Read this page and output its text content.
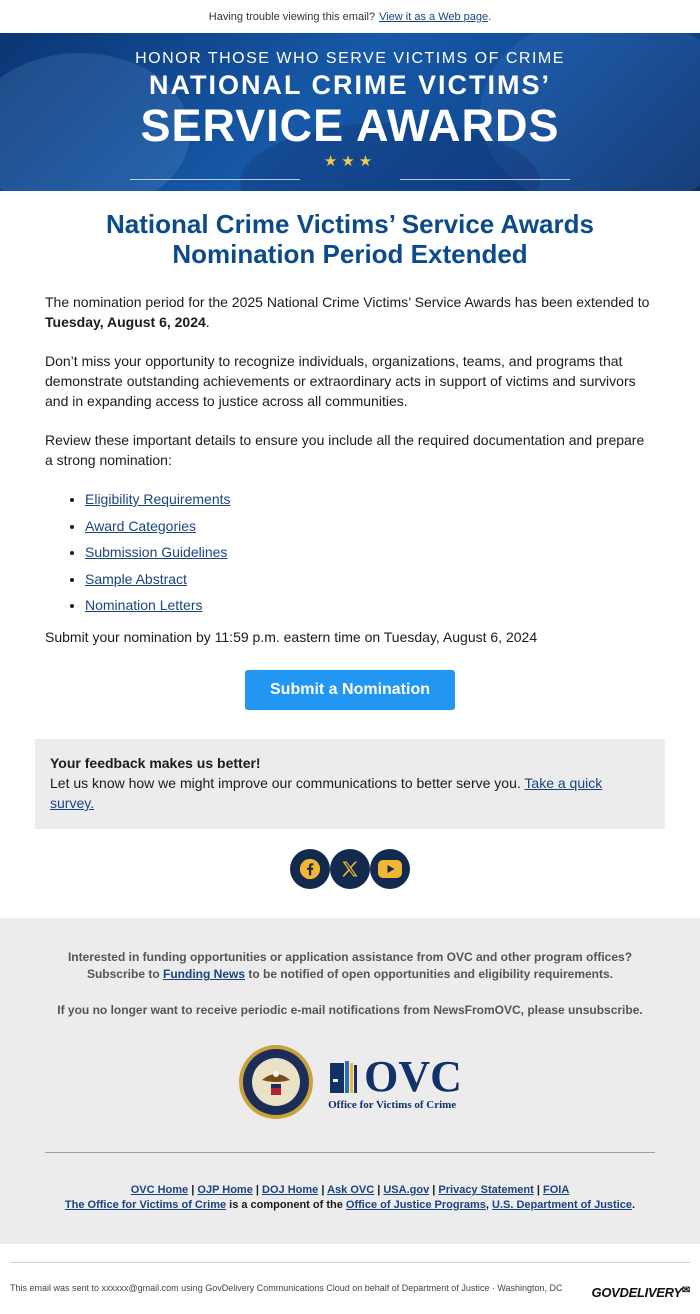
Having trouble viewing this email? View it as a Web page .
HONOR THOSE WHO SERVE VICTIMS OF CRIME
NATIONAL CRIME VICTIMS’
SERVICE AWARDS
★★★
National Crime Victims’ Service Awards
Nomination Period Extended

The nomination period for the 2025 National Crime Victims’ Service Awards has been extended to Tuesday, August 6, 2024.

Don’t miss your opportunity to recognize individuals, organizations, teams, and programs that demonstrate outstanding achievements or extraordinary acts in support of victims and survivors and in expanding access to justice across all communities.

Review these important details to ensure you include all the required documentation and prepare a strong nomination:

• Eligibility Requirements
• Award Categories
• Submission Guidelines
• Sample Abstract
• Nomination Letters

Submit your nomination by 11:59 p.m. eastern time on Tuesday, August 6, 2024

Submit a Nomination
Your feedback makes us better!
Let us know how we might improve our communications to better serve you. Take a quick survey.
Interested in funding opportunities or application assistance from OVC and other program offices?
Subscribe to Funding News to be notified of open opportunities and eligibility requirements.
If you no longer want to receive periodic e-mail notifications from NewsFromOVC, please unsubscribe.
OVC
Office for Victims of Crime
OVC Home | OJP Home | DOJ Home | Ask OVC | USA.gov | Privacy Statement | FOIA
The Office for Victims of Crime is a component of the Office of Justice Programs, U.S. Department of Justice.
This email was sent to xxxxxx@gmail.com using GovDelivery Communications Cloud on behalf of Department of Justice · Washington, DC	GOVDELIVERY✉
